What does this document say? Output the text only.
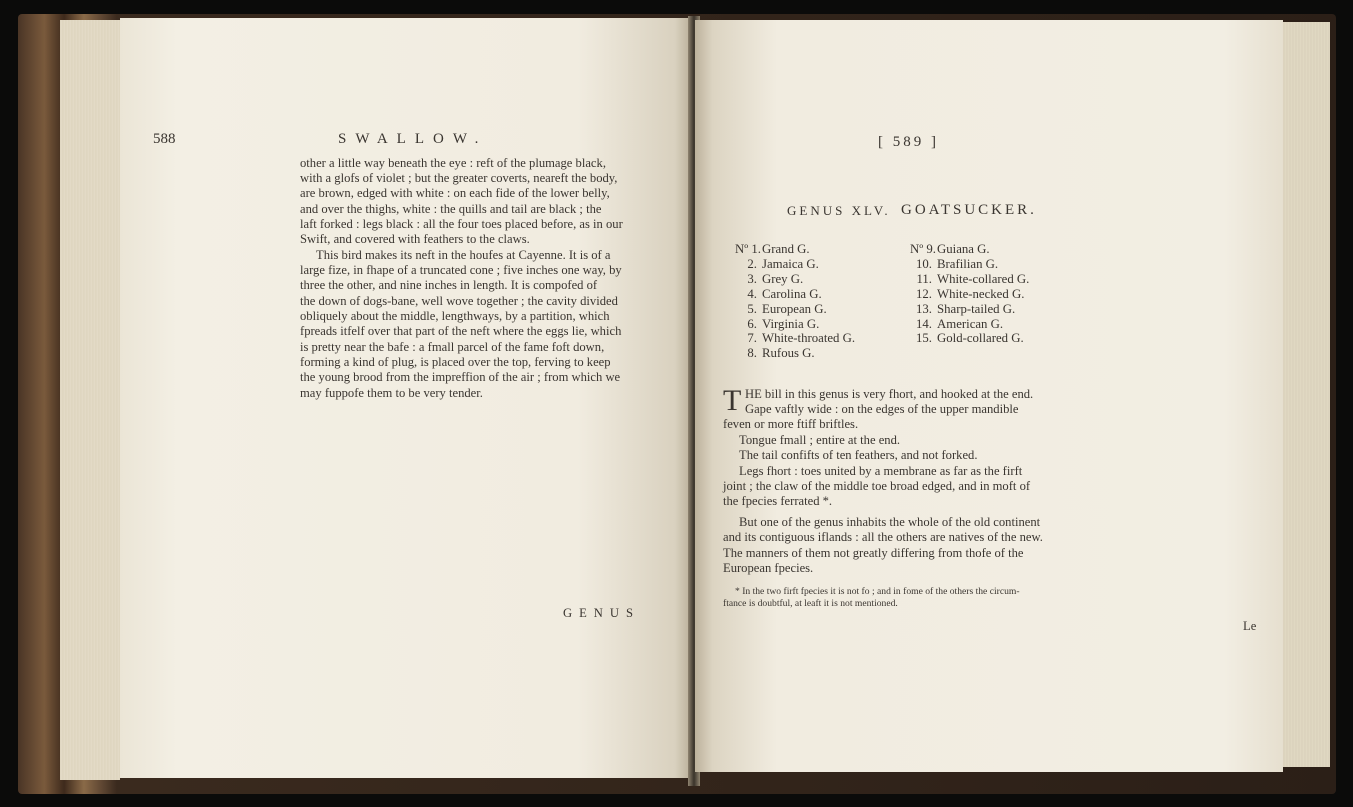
588	SWALLOW.
other a little way beneath the eye : reft of the plumage black,
with a glofs of violet ; but the greater coverts, neareft the body,
are brown, edged with white : on each fide of the lower belly,
and over the thighs, white : the quills and tail are black ; the
laft forked : legs black : all the four toes placed before, as in our
Swift, and covered with feathers to the claws.
This bird makes its neft in the houfes at Cayenne. It is of a
large fize, in fhape of a truncated cone ; five inches one way, by
three the other, and nine inches in length. It is compofed of
the down of dogs-bane, well wove together ; the cavity divided
obliquely about the middle, lengthways, by a partition, which
fpreads itfelf over that part of the neft where the eggs lie, which
is pretty near the bafe : a fmall parcel of the fame foft down,
forming a kind of plug, is placed over the top, ferving to keep
the young brood from the impreffion of the air ; from which we
may fuppofe them to be very tender.
GENUS
[ 589 ]
GENUS XLV. GOATSUCKER.
Nº 1.Grand G.
2. Jamaica G.
3. Grey G.
4. Carolina G.
5. European G.
6. Virginia G.
7. White-throated G.
8. Rufous G.
Nº 9.Guiana G.
10. Brafilian G.
11. White-collared G.
12. White-necked G.
13. Sharp-tailed G.
14. American G.
15. Gold-collared G.
T HE bill in this genus is very fhort, and hooked at the end.
Gape vaftly wide : on the edges of the upper mandible
feven or more ftiff briftles.
Tongue fmall ; entire at the end.
The tail confifts of ten feathers, and not forked.
Legs fhort : toes united by a membrane as far as the firft
joint ; the claw of the middle toe broad edged, and in moft of
the fpecies ferrated *.
But one of the genus inhabits the whole of the old continent
and its contiguous iflands : all the others are natives of the new.
The manners of them not greatly differing from thofe of the
European fpecies.
* In the two firft fpecies it is not fo ; and in fome of the others the circum-
ftance is doubtful, at leaft it is not mentioned.
Le
